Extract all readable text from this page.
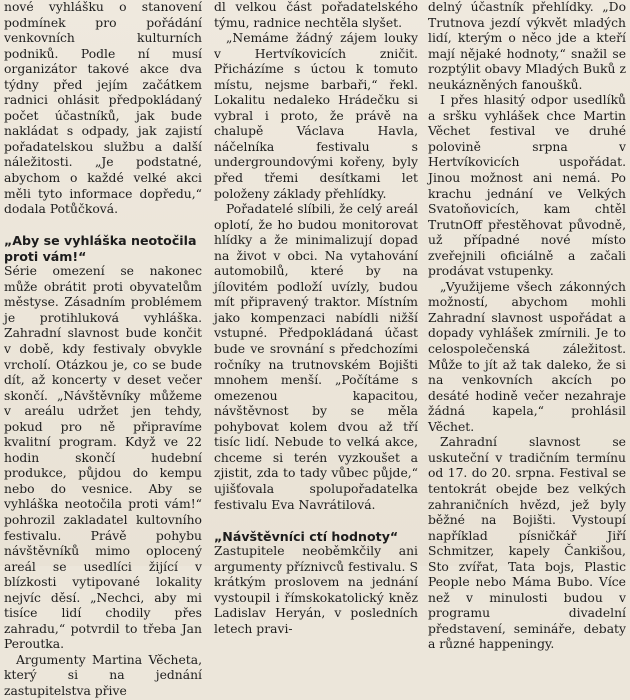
nové vyhlášku o stanovení podmínek pro pořádání venkovních kulturních podniků. Podle ní musí organizátor takové akce dva týdny před jejím začátkem radnici ohlásit předpokládaný počet účastníků, jak bude nakládat s odpady, jak zajistí pořadatelskou službu a další náležitosti. „Je podstatné, abychom o každé velké akci měli tyto informace dopředu,“ dodala Potůčková.

„Aby se vyhláška neotočila proti vám!“

Série omezení se nakonec může obrátit proti obyvatelům městyse. Zásadním problémem je protihluková vyhláška. Zahradní slavnost bude končit v době, kdy festivaly obvykle vrcholí. Otázkou je, co se bude dít, až koncerty v deset večer skončí. „Návštěvníky můžeme v areálu udržet jen tehdy, pokud pro ně připravíme kvalitní program. Když ve 22 hodin skončí hudební produkce, půjdou do kempu nebo do vesnice. Aby se vyhláška neotočila proti vám!“ pohrozil zakladatel kultovního festivalu. Právě pohybu návštěvníků mimo oplocený areál se usedlíci žijící v blízkosti vytipované lokality nejvíc děsí. „Nechci, aby mi tisíce lidí chodily přes zahradu,“ potvrdil to třeba Jan Peroutka.

Argumenty Martina Věcheta, který si na jednání zastupitelstva přive

dl velkou část pořadatelského týmu, radnice nechtěla slyšet.

„Nemáme žádný zájem louky v Hertvíkovicích zničit. Přicházíme s úctou k tomuto místu, nejsme barbaři,“ řekl. Lokalitu nedaleko Hrádečku si vybral i proto, že právě na chalupě Václava Havla, náčelníka festivalu s undergroundovými kořeny, byly před třemi desítkami let položeny základy přehlídky.

Pořadatelé slíbili, že celý areál oplotí, že ho budou monitorovat hlídky a že minimalizují dopad na život v obci. Na vytahování automobilů, které by na jílovitém podloží uvízly, budou mít připravený traktor. Místním jako kompenzaci nabídli nižší vstupné. Předpokládaná účast bude ve srovnání s předchozími ročníky na trutnovském Bojišti mnohem menší. „Počítáme s omezenou kapacitou, návštěvnost by se měla pohybovat kolem dvou až tří tisíc lidí. Nebude to velká akce, chceme si terén vyzkoušet a zjistit, zda to tady vůbec půjde,“ ujišťovala spolupořadatelka festivalu Eva Navrátilová.

„Návštěvníci ctí hodnoty“

Zastupitele neoběmkčily ani argumenty příznivců festivalu. S krátkým proslovem na jednání vystoupil i římskokatolický kněz Ladislav Heryán, v posledních letech pravi-

delný účastník přehlídky. „Do Trutnova jezdí výkvět mladých lidí, kterým o něco jde a kteří mají nějaké hodnoty,“ snažil se rozptýlit obavy Mladých Buků z neukázněných fanoušků.

I přes hlasitý odpor usedlíků a sršku vyhlášek chce Martin Věchet festival ve druhé polovině srpna v Hertvíkovicích uspořádat. Jinou možnost ani nemá. Po krachu jednání ve Velkých Svatoňovicích, kam chtěl TrutnOff přestěhovat původně, už případné nové místo zveřejnili oficiálně a začali prodávat vstupenky.

„Využijeme všech zákonných možností, abychom mohli Zahradní slavnost uspořádat a dopady vyhlášek zmírnili. Je to celospolečenská záležitost. Může to jít až tak daleko, že si na venkovních akcích po desáté hodině večer nezahraje žádná kapela,“ prohlásil Věchet.

Zahradní slavnost se uskuteční v tradičním termínu od 17. do 20. srpna. Festival se tentokrát obejde bez velkých zahraničních hvězd, jež byly běžné na Bojišti. Vystoupí například písničkář Jiří Schmitzer, kapely Čankišou, Sto zvířat, Tata bojs, Plastic People nebo Máma Bubo. Více než v minulosti budou v programu divadelní představení, semináře, debaty a různé happeningy.
